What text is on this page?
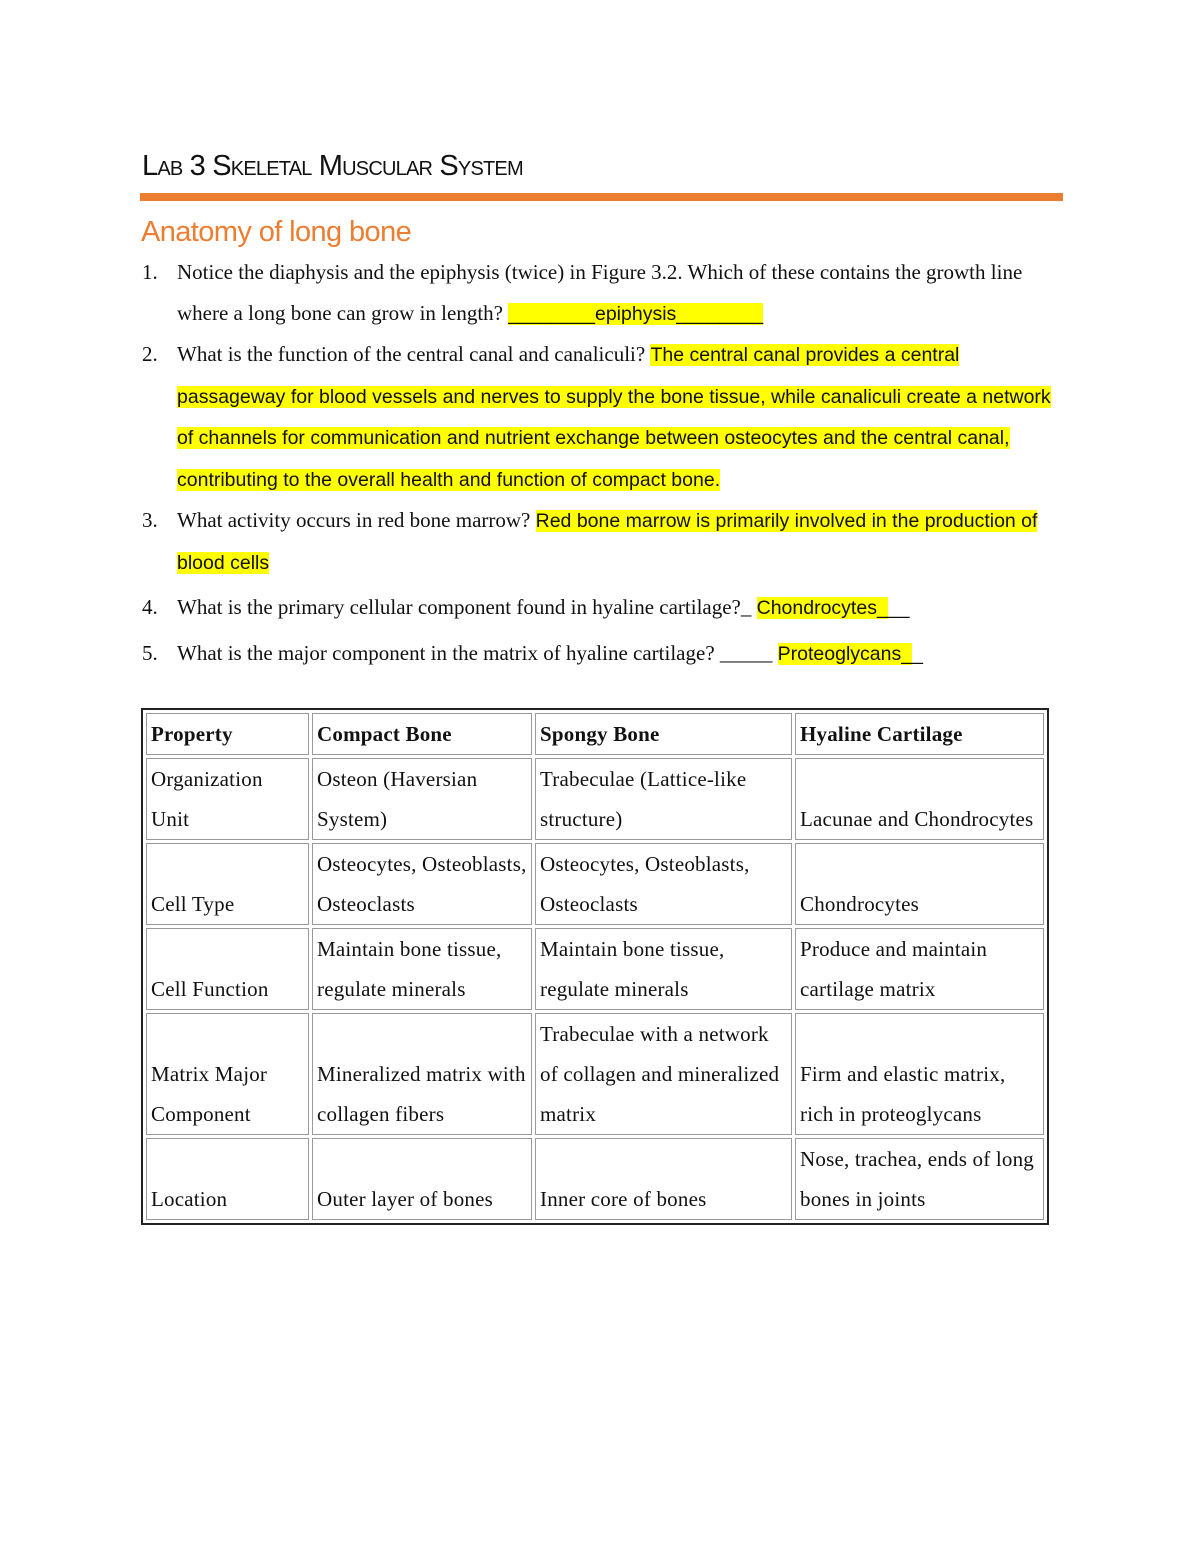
Lab 3 Skeletal Muscular System
Anatomy of long bone
1. Notice the diaphysis and the epiphysis (twice) in Figure 3.2. Which of these contains the growth line where a long bone can grow in length? ________epiphysis________
2. What is the function of the central canal and canaliculi? The central canal provides a central passageway for blood vessels and nerves to supply the bone tissue, while canaliculi create a network of channels for communication and nutrient exchange between osteocytes and the central canal, contributing to the overall health and function of compact bone.
3. What activity occurs in red bone marrow? Red bone marrow is primarily involved in the production of blood cells
4. What is the primary cellular component found in hyaline cartilage?_ Chondrocytes___
5. What is the major component in the matrix of hyaline cartilage? _____ Proteoglycans__
Property	Compact Bone	Spongy Bone	Hyaline Cartilage
Organization Unit	Osteon (Haversian System)	Trabeculae (Lattice-like structure)	Lacunae and Chondrocytes
Cell Type	Osteocytes, Osteoblasts, Osteoclasts	Osteocytes, Osteoblasts, Osteoclasts	Chondrocytes
Cell Function	Maintain bone tissue, regulate minerals	Maintain bone tissue, regulate minerals	Produce and maintain cartilage matrix
Matrix Major Component	Mineralized matrix with collagen fibers	Trabeculae with a network of collagen and mineralized matrix	Firm and elastic matrix, rich in proteoglycans
Location	Outer layer of bones	Inner core of bones	Nose, trachea, ends of long bones in joints
